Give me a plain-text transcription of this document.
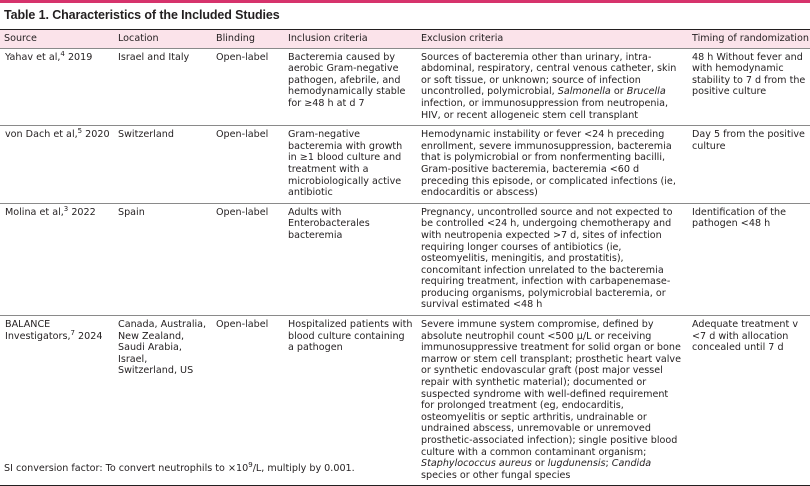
Table 1. Characteristics of the Included Studies
Source	Location	Blinding	Inclusion criteria	Exclusion criteria	Timing of randomization
Yahav et al,$^4$ 2019	Israel and Italy	Open-label	Bacteremia caused by aerobic Gram-negative pathogen, afebrile, and hemodynamically stable for ≥48 h at d 7	Sources of bacteremia other than urinary, intra-abdominal, respiratory, central venous catheter, skin or soft tissue, or unknown; source of infection uncontrolled, polymicrobial, Salmonella or Brucella infection, or immunosuppression from neutropenia, HIV, or recent allogeneic stem cell transplant	48 h Without fever and with hemodynamic stability to 7 d from the positive culture
von Dach et al,$^5$ 2020	Switzerland	Open-label	Gram-negative bacteremia with growth in ≥1 blood culture and treatment with a microbiologically active antibiotic	Hemodynamic instability or fever <24 h preceding enrollment, severe immunosuppression, bacteremia that is polymicrobial or from nonfermenting bacilli, Gram-positive bacteremia, bacteremia <60 d preceding this episode, or complicated infections (ie, endocarditis or abscess)	Day 5 from the positive culture
Molina et al,$^3$ 2022	Spain	Open-label	Adults with Enterobacterales bacteremia	Pregnancy, uncontrolled source and not expected to be controlled <24 h, undergoing chemotherapy and with neutropenia expected >7 d, sites of infection requiring longer courses of antibiotics (ie, osteomyelitis, meningitis, and prostatitis), concomitant infection unrelated to the bacteremia requiring treatment, infection with carbapenemase-producing organisms, polymicrobial bacteremia, or survival estimated <48 h	Identification of the pathogen <48 h
BALANCE Investigators,$^7$ 2024	Canada, Australia, New Zealand, Saudi Arabia, Israel, Switzerland, US	Open-label	Hospitalized patients with blood culture containing a pathogen	Severe immune system compromise, defined by absolute neutrophil count <500 µ/L or receiving immunosuppressive treatment for solid organ or bone marrow or stem cell transplant; prosthetic heart valve or synthetic endovascular graft (post major vessel repair with synthetic material); documented or suspected syndrome with well-defined requirement for prolonged treatment (eg, endocarditis, osteomyelitis or septic arthritis, undrainable or undrained abscess, unremovable or unremoved prosthetic-associated infection); single positive blood culture with a common contaminant organism; Staphylococcus aureus or lugdunensis; Candida species or other fungal species	Adequate treatment v <7 d with allocation concealed until 7 d
SI conversion factor: To convert neutrophils to $\times 10^9/L$, multiply by 0.001.
